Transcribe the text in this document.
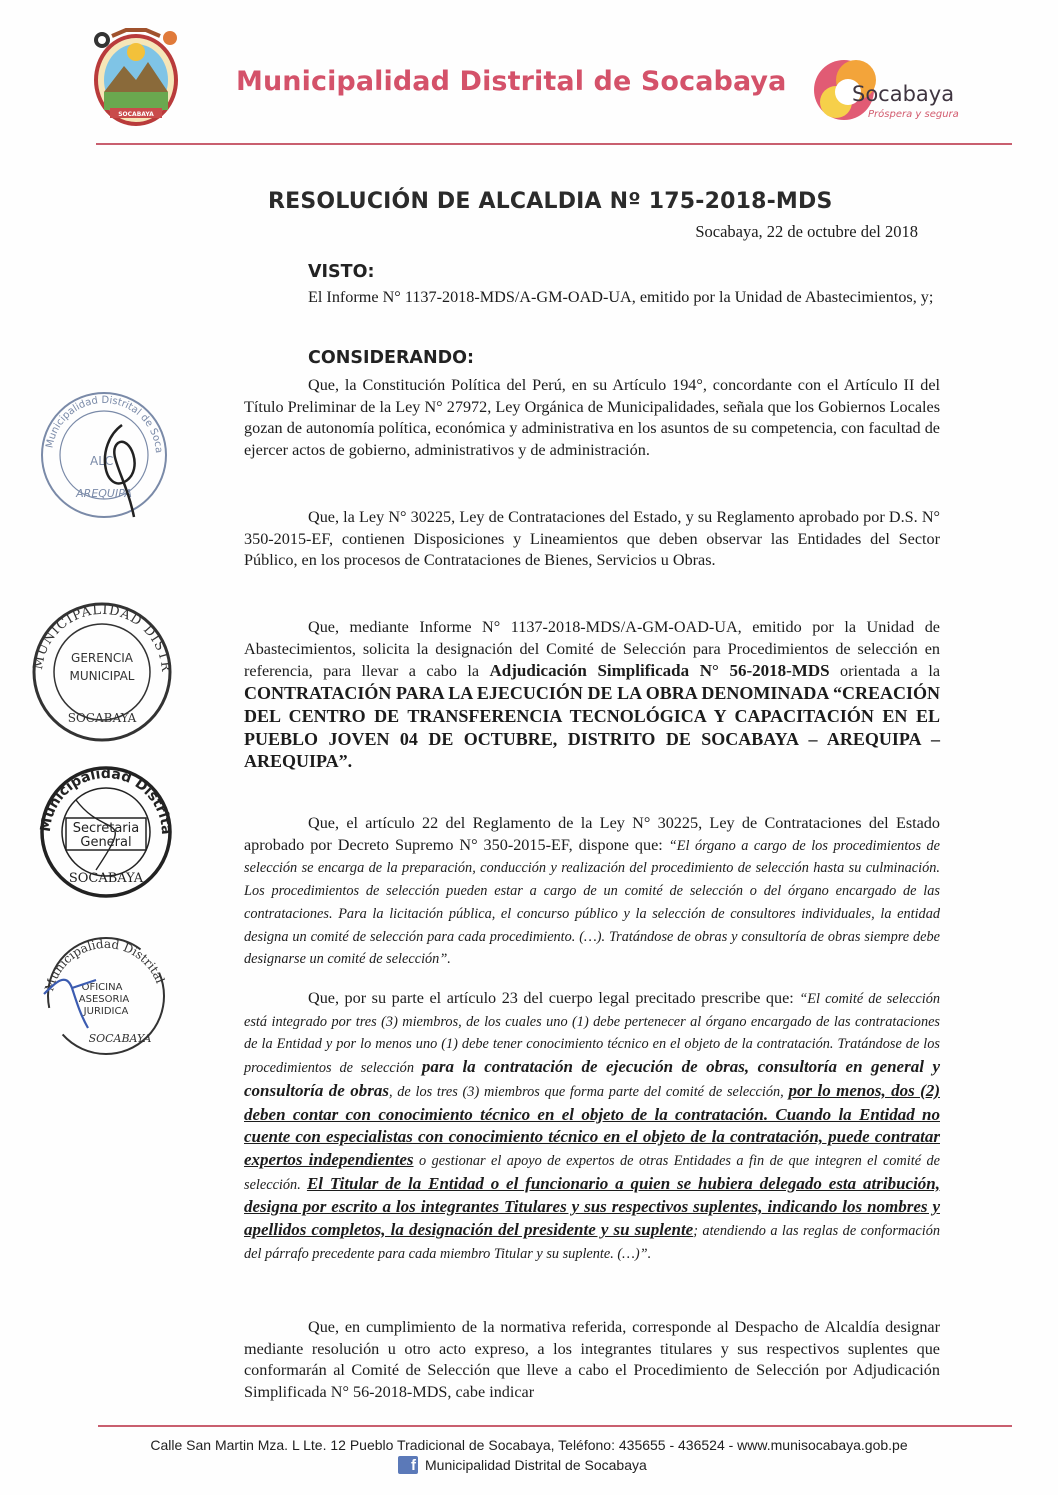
SOCABAYA
Municipalidad Distrital de Socabaya	Socabaya
Próspera y segura
RESOLUCIÓN DE ALCALDIA Nº 175-2018-MDS
Socabaya, 22 de octubre del 2018
VISTO:
El Informe N° 1137-2018-MDS/A-GM-OAD-UA, emitido por la Unidad de Abastecimientos, y;
CONSIDERANDO:
Que, la Constitución Política del Perú, en su Artículo 194°, concordante con el Artículo II del Título Preliminar de la Ley N° 27972, Ley Orgánica de Municipalidades, señala que los Gobiernos Locales gozan de autonomía política, económica y administrativa en los asuntos de su competencia, con facultad de ejercer actos de gobierno, administrativos y de administración.
Que, la Ley N° 30225, Ley de Contrataciones del Estado, y su Reglamento aprobado por D.S. N° 350-2015-EF, contienen Disposiciones y Lineamientos que deben observar las Entidades del Sector Público, en los procesos de Contrataciones de Bienes, Servicios u Obras.
Que, mediante Informe N° 1137-2018-MDS/A-GM-OAD-UA, emitido por la Unidad de Abastecimientos, solicita la designación del Comité de Selección para Procedimientos de selección en referencia, para llevar a cabo la Adjudicación Simplificada N° 56-2018-MDS orientada a la CONTRATACIÓN PARA LA EJECUCIÓN DE LA OBRA DENOMINADA “CREACIÓN DEL CENTRO DE TRANSFERENCIA TECNOLÓGICA Y CAPACITACIÓN EN EL PUEBLO JOVEN 04 DE OCTUBRE, DISTRITO DE SOCABAYA – AREQUIPA – AREQUIPA”.
Que, el artículo 22 del Reglamento de la Ley N° 30225, Ley de Contrataciones del Estado aprobado por Decreto Supremo N° 350-2015-EF, dispone que: “El órgano a cargo de los procedimientos de selección se encarga de la preparación, conducción y realización del procedimiento de selección hasta su culminación. Los procedimientos de selección pueden estar a cargo de un comité de selección o del órgano encargado de las contrataciones. Para la licitación pública, el concurso público y la selección de consultores individuales, la entidad designa un comité de selección para cada procedimiento. (…). Tratándose de obras y consultoría de obras siempre debe designarse un comité de selección”.
Que, por su parte el artículo 23 del cuerpo legal precitado prescribe que: “El comité de selección está integrado por tres (3) miembros, de los cuales uno (1) debe pertenecer al órgano encargado de las contrataciones de la Entidad y por lo menos uno (1) debe tener conocimiento técnico en el objeto de la contratación. Tratándose de los procedimientos de selección para la contratación de ejecución de obras, consultoría en general y consultoría de obras, de los tres (3) miembros que forma parte del comité de selección, por lo menos, dos (2) deben contar con conocimiento técnico en el objeto de la contratación. Cuando la Entidad no cuente con especialistas con conocimiento técnico en el objeto de la contratación, puede contratar expertos independientes o gestionar el apoyo de expertos de otras Entidades a fin de que integren el comité de selección. El Titular de la Entidad o el funcionario a quien se hubiera delegado esta atribución, designa por escrito a los integrantes Titulares y sus respectivos suplentes, indicando los nombres y apellidos completos, la designación del presidente y su suplente; atendiendo a las reglas de conformación del párrafo precedente para cada miembro Titular y su suplente. (…)”.
Que, en cumplimiento de la normativa referida, corresponde al Despacho de Alcaldía designar mediante resolución u otro acto expreso, a los integrantes titulares y sus respectivos suplentes que conformarán al Comité de Selección que lleve a cabo el Procedimiento de Selección por Adjudicación Simplificada N° 56-2018-MDS, cabe indicar
Municipalidad Distrital de Soca
ALC
AREQUIPA
MUNICIPALIDAD DISTR
GERENCIA
MUNICIPAL
SOCABAYA
Municipalidad Distrita
Secretaria
General
SOCABAYA
Municipalidad Distrital
OFICINA
ASESORIA
JURIDICA
SOCABAYA
Calle San Martin Mza. L Lte. 12 Pueblo Tradicional de Socabaya, Teléfono: 435655 - 436524 - www.munisocabaya.gob.pe
f Municipalidad Distrital de Socabaya
